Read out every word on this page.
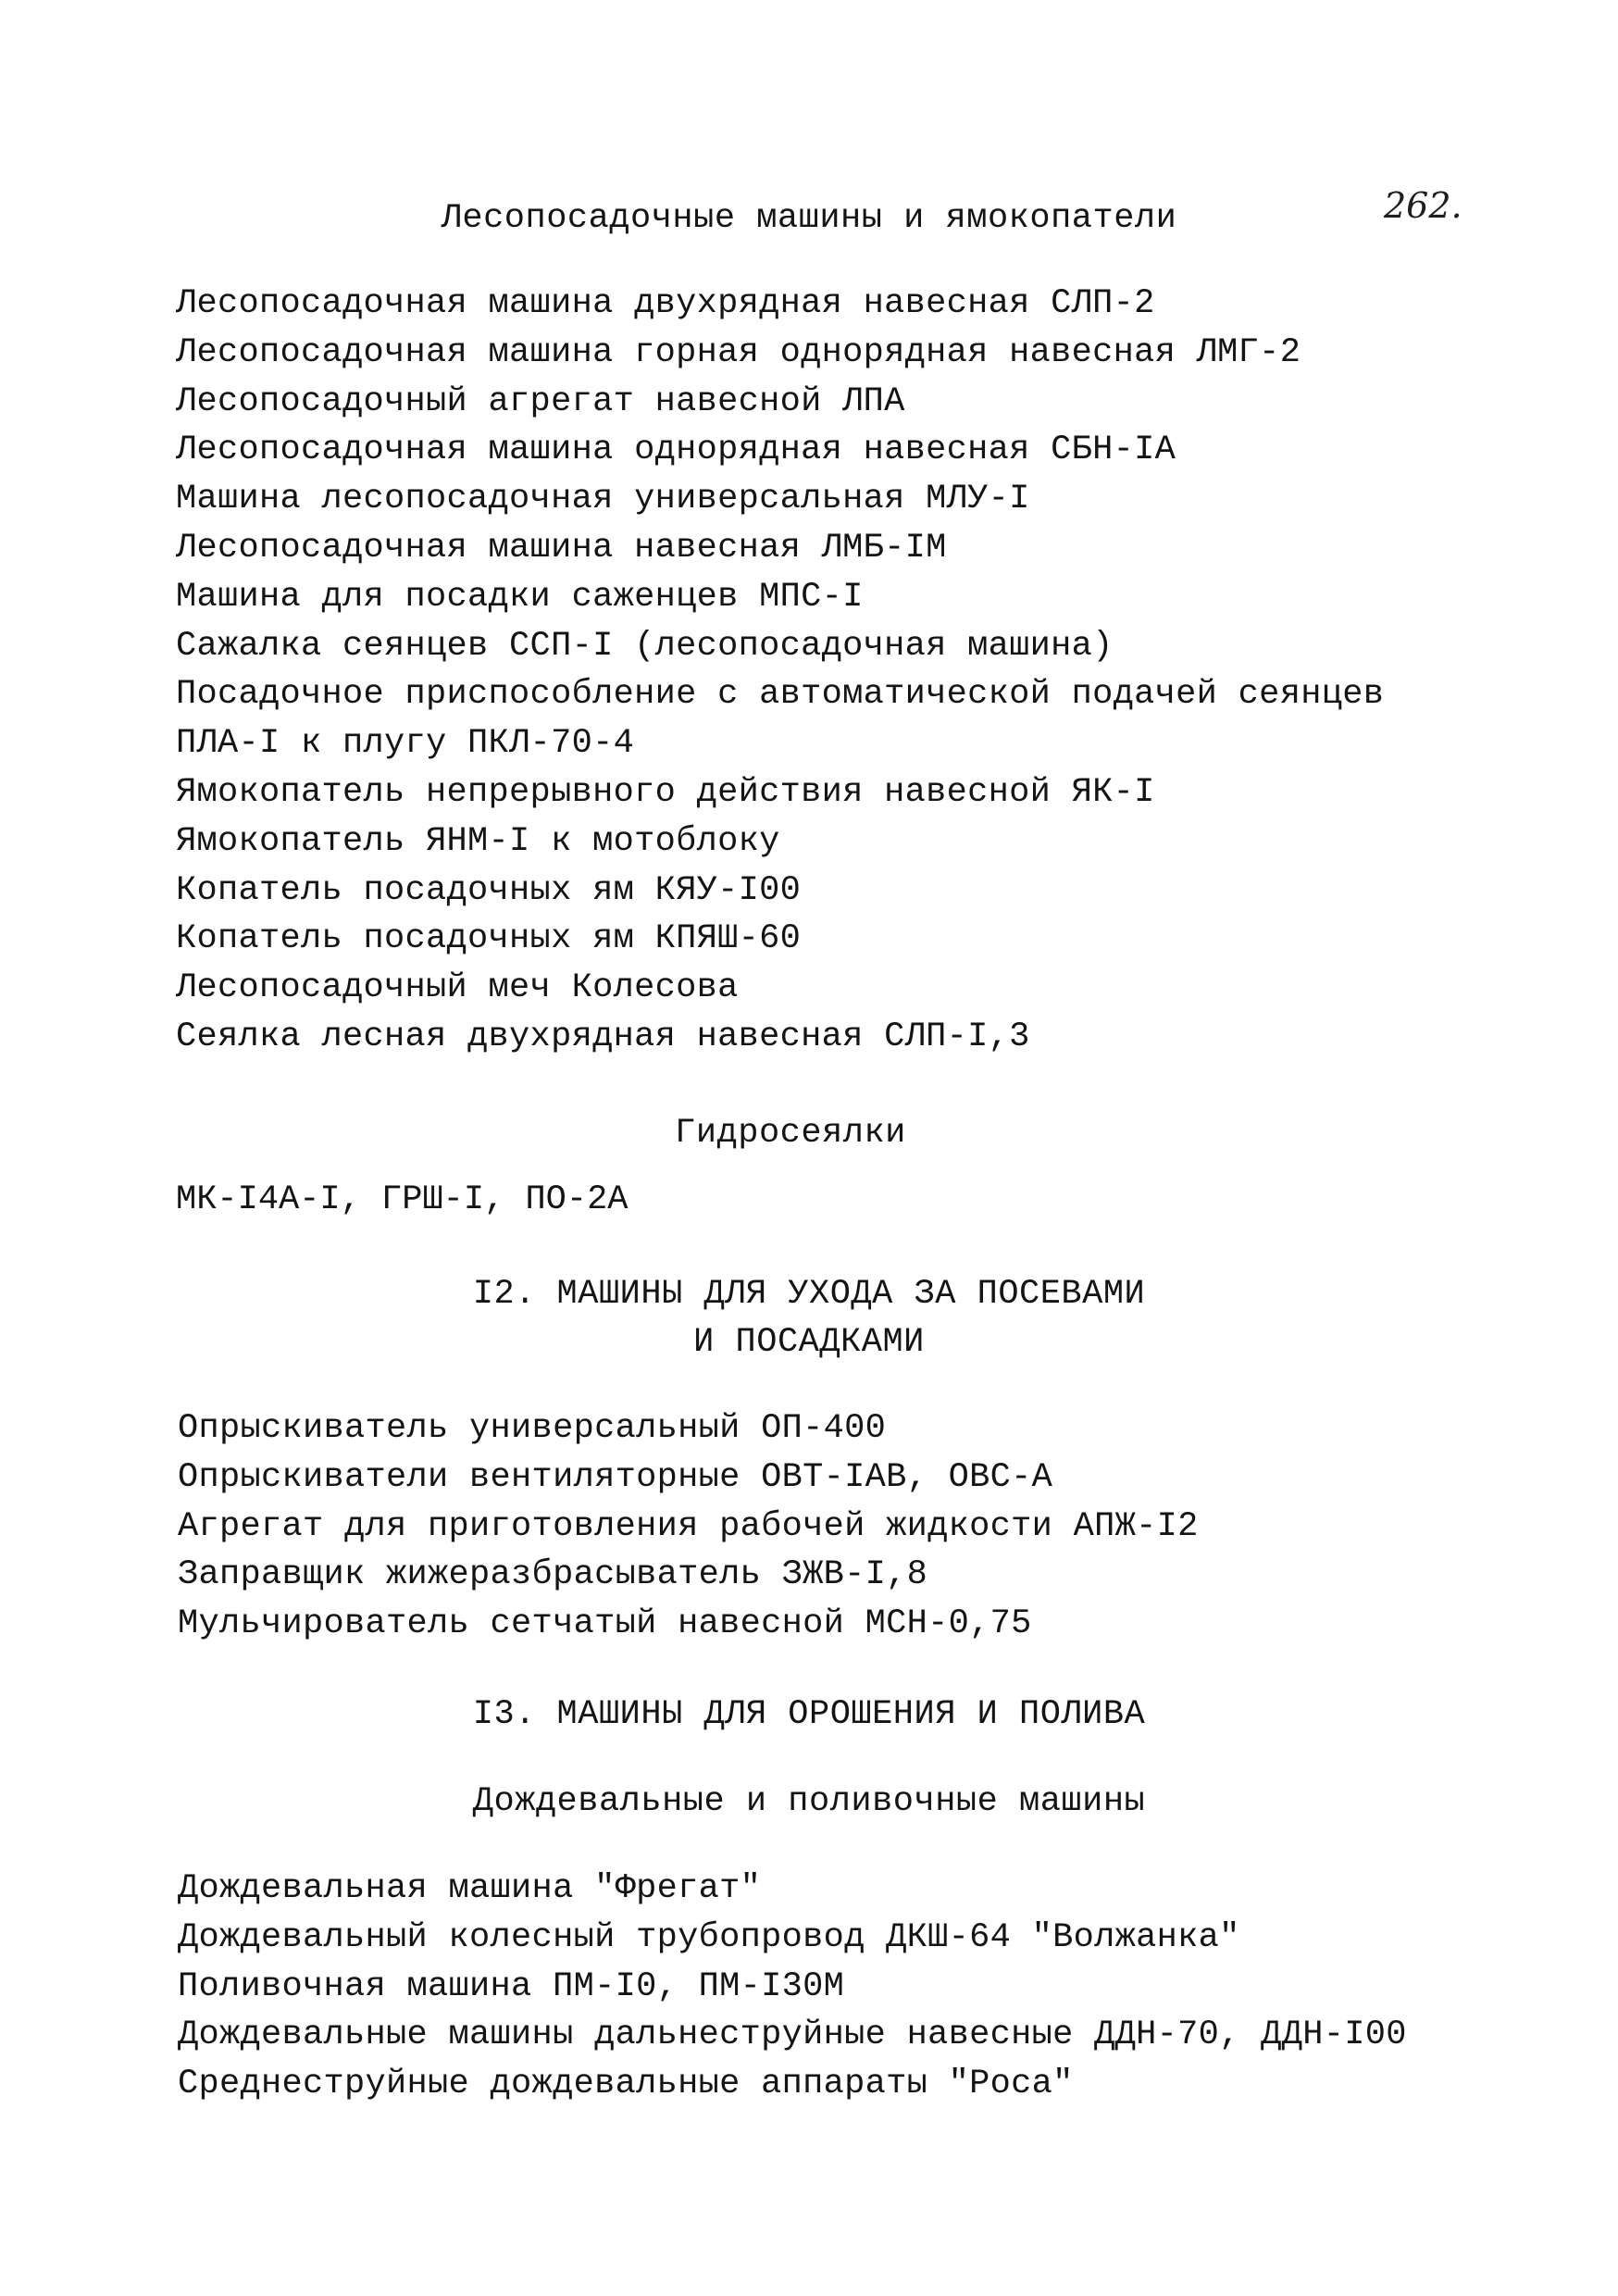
262.
Лесопосадочные машины и ямокопатели
Лесопосадочная машина двухрядная навесная СЛП-2
Лесопосадочная машина горная однорядная навесная ЛМГ-2
Лесопосадочный агрегат навесной ЛПА
Лесопосадочная машина однорядная навесная СБН-IА
Машина лесопосадочная универсальная МЛУ-I
Лесопосадочная машина навесная ЛМБ-IМ
Машина для посадки саженцев МПС-I
Сажалка сеянцев ССП-I (лесопосадочная машина)
Посадочное приспособление с автоматической подачей сеянцев
ПЛА-I к плугу ПКЛ-70-4
Ямокопатель непрерывного действия навесной ЯК-I
Ямокопатель ЯНМ-I к мотоблоку
Копатель посадочных ям КЯУ-I00
Копатель посадочных ям КПЯШ-60
Лесопосадочный меч Колесова
Сеялка лесная двухрядная навесная СЛП-I,3
Гидросеялки
МК-I4А-I, ГРШ-I, ПО-2А
I2. МАШИНЫ ДЛЯ УХОДА ЗА ПОСЕВАМИ
И ПОСАДКАМИ
Опрыскиватель универсальный ОП-400
Опрыскиватели вентиляторные ОВТ-IАВ, ОВС-А
Агрегат для приготовления рабочей жидкости АПЖ-I2
Заправщик жижеразбрасыватель ЗЖВ-I,8
Мульчирователь сетчатый навесной МСН-0,75
I3. МАШИНЫ ДЛЯ ОРОШЕНИЯ И ПОЛИВА
Дождевальные и поливочные машины
Дождевальная машина "Фрегат"
Дождевальный колесный трубопровод ДКШ-64 "Волжанка"
Поливочная машина ПМ-I0, ПМ-I30М
Дождевальные машины дальнеструйные навесные ДДН-70, ДДН-I00
Среднеструйные дождевальные аппараты "Роса"
